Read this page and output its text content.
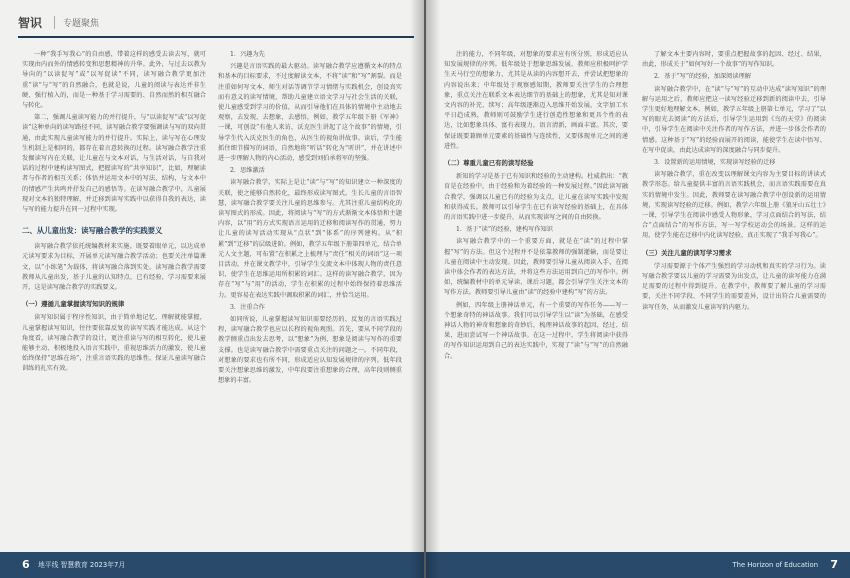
智识	专题聚焦

一种“我手写我心”的自由感，带着这样的感受去读去写，就可实现由内而外的情感转变和思想精神的升华。此外，与过去以教为导向的“以读促写”或“以写促读”不同，读写融合教学更加注重“读”与“写”的自然融合，也就是说，儿童的阅读与表达并非生硬、强行植入的，而是一种基于学习需要的、自然而然的相互融合与转化。

第二，强调儿童读写能力的并行提升，与“以读促写”或“以写促读”这种单向的读写路径不同，读写融合教学要强调读与写的双向贯通，由此实现儿童读写能力的并行提升。实际上，读与写在心理发生机制上是相同的，都存在着言意转换的过程。读写融合教学注重发掘读写内在关联，让儿童在与文本对话，与生活对话，与自我对话的过程中建构读写图式，把握读写的“共享知识”，比如，理解读者与作者的相互关系；体悟并运用文本中的写法、结构，与文本中的情感产生共鸣并抒发自己的感悟等。在读写融合教学中，儿童展现对文本的独特理解，并迁移到读写实践中以获得自我的表达，读与写的能力提升在同一过程中实现。

二、从儿童出发：读写融合教学的实践要义

读写融合教学依托统编教材来实施。既要着眼单元，以达成单元读写要求为目标，开展单元读写融合教学活动；也要关注单篇课文，以“小练笔”为载体，将读写融合落到实处。读写融合教学需要教师从儿童出发，基于儿童的认知特点，已有经验，学习需要来展开，这是读写融合教学的实践要义。

（一）遵循儿童掌握读写知识的规律

读写知识属于程序性知识，由于简单地记忆、理解就能掌握，儿童掌握读写知识，往往要依靠反复的读写实践才能达成。从这个角度看，读写融合教学的设计，更注重读与写的相互转化，使儿童能够主动、积极地投入语言实践中，重视思维活力的激发，使儿童始终保持“思维在场”，注重言语实践的思维性。保证儿童读写融合训练的扎实有效。

1．兴趣为先

兴趣是言语实践的最大驱动。读写融合教学应遵循文本的特点和基本的目标要求，不过度解读文本，不将“读”和“写”割裂。而是注重如何写文本、师生对话等调节学习情绪与实践机会，创设真实而有意义的读写情境，帮助儿童建立语文学习与社会生活的关联，使儿童感受到学习的价值，从而引导他们在具体的情境中主动地去观察，去发现，去想象，去感悟，例如，教学五年级下册《军神》一课，可创设“有他人来访，沃克医生讲起了这个故事”的情境，引导学生代入沃克医生的角色，从医生的视角讲故事。读后，学生能抓住细节描写的词语，自然地将“听话”转化为“听讲”，并在讲述中进一步理解人物的内心活动，感受到刘伯承将军的坚强。

2．思维激活

读写融合教学，实际上是让“读”与“写”的知识建立一种深度的关联，使之能够自然转化，最终形成读写图式。生长儿童的言语智慧，读写融合教学要关注儿童的思维参与。尤其注重儿童结构化的读写图式的形成。因此，将阅读与“写”的方式渐渐文本体悟和主题内容，以“用”的方式实现语言运用的迁移和阅读写作的贯通，努力让儿童的读写活动实现从“点状”到“体系”的序列建构。从“积累”到“迁移”的层级进阶。例如，教学五年级下册第四单元，结合单元人文主题，可布置“在积累之上梳理与“责任”相关的词语”这一项目活动，并在课文教学中，引导学生交流文本中体现人物的责任意识，使学生在思维运用所积累的词汇。这样的读写融合教学，因为存在“写”与“用”的活动，学生在积累的过程中始终保持着思维活力。更容易在表达实践中调取积累的词汇，并恰当运用。

3．注重合作

如同所说，儿童掌握读写知识需要经历的、反复的言语实践过程，读写融合教学也应以长程的视角观照。首先，要从不同学段的教学侧重点出发去思考，以“想象”为例，想象是阅读与写作的重要支撑。也是读写融合教学中需要重点关注的问题之一。不同年段，对想象的要求也有所不同，形成适应认知发展规律的序列。低年段要关注想象思维的激发，中年段要注重想象的合理，高年段则侧重想象的丰富。

6 地平线 智慧教育 2023年7月

注的能力，不同年级，对想象的要求应有所分别，形成适应认知发展规律的序列。低年级处于想象思维发展，教师应积极呵护学生天马行空的想象力，尤其是从读的内容想开去，并尝试把想象的内容说出来；中年级处于观察感知期，教师要关注学生的合理想象，重点关注在联系文本表达细节的基础上的想象，尤其是知对课文内容的补充、续写；高年级逐渐迈入思维开始发展，文字加工水平日趋成熟，教师则可鼓励学生进行创造性想象和更具个性的表达，比如想象具体、富有表现力，语言清新，画面丰富。其次，要保证既要兼顾单元要素的基础性与连续性，又要体现单元之间的递进性。

（二）尊重儿童已有的读写经验

新知的学习是基于已有知识和经验的主动建构。杜威指出：“教育是在经验中，由于经验和为着经验的一种发展过程。”因此读写融合教学，强调以儿童已有的经验为支点，让儿童在读写实践中发现和获得成长。教师可以引导学生在已有读写经验的基础上，在具体的言语实践中进一步提升，从而实现读写之间的自由转换。

1．基于“读”的经验，建构写作知识

读写融合教学中的一个重要方面，就是在“读”的过程中掌握“写”的方法。但这个过程并不是依靠教师的强制灌输，而是要让儿童在阅读中主动发现。因此，教师要引导儿童从阅读入手，在阅读中体会作者的表达方法，并将这些方法运用到自己的写作中。例如，统编教材中的单元导读、课后习题，都会引导学生关注文本的写作方法。教师要引导儿童由“读”的经验中建构“写”的方法。

例如，四年级上册神话单元，有一个重要的写作任务——写一个想象奇特的神话故事。我们可以引导学生以“读”为基础，在感受神话人物的神奇和想象的奇妙后，梳理神话故事的起因、经过、结果，进而尝试写一个神话故事。在这一过程中，学生将阅读中获得的写作知识运用到自己的表达实践中，实现了“读”与“写”的自然融合。

了解文本主要内容时，要重点把握故事的起因、经过、结果，由此，形成关于“如何写好一个故事”的写作知识。

2．基于“写”的经验，加深阅读理解

读写融合教学中，在“读”与“写”的互动中达成“读写知识”的理解与运用之后，教师应把这一读写经验迁移到新的阅读中去，引导学生更好地理解文本。例如，教学五年级上册第七单元，学习了“以写的眼光去阅读”的方法后，引导学生运用到《鸟的天堂》的阅读中，引导学生在阅读中关注作者的写作方法，并进一步体会作者的情感。这种基于“写”的经验而展开的阅读，能使学生在读中悟写、在写中促读，由此达成读写的深度融合与同步提升。

3．设置新的运用情境，实现读写经验的迁移

读写融合教学，重在改变以理解课文内容为主要目标的讲读式教学形态。给儿童提供丰富的言语实践机会，而言语实践需要在真实的情境中发生。因此，教师要在读写融合教学中创设新的运用情境，实现读写经验的迁移。例如，教学六年级上册《狼牙山五壮士》一课，引导学生在阅读中感受人物形象，学习点面结合的写法，结合“点面结合”的写作方法，写一写学校运动会的场景。这样的运用，使学生能在迁移中内化读写经验，真正实现了“我手写我心”。

（三）关注儿童的读写学习需求

学习需要源于个体产生强烈的学习动机和真实的学习行为。读写融合教学要以儿童的学习需要为出发点，让儿童的读写能力在满足需要的过程中得到提升。在教学中，教师要了解儿童的学习需要，关注不同学段、不同学生的需要差异，设计出符合儿童需要的读写任务，从而激发儿童读写的内驱力。

The Horizon of Education 7
